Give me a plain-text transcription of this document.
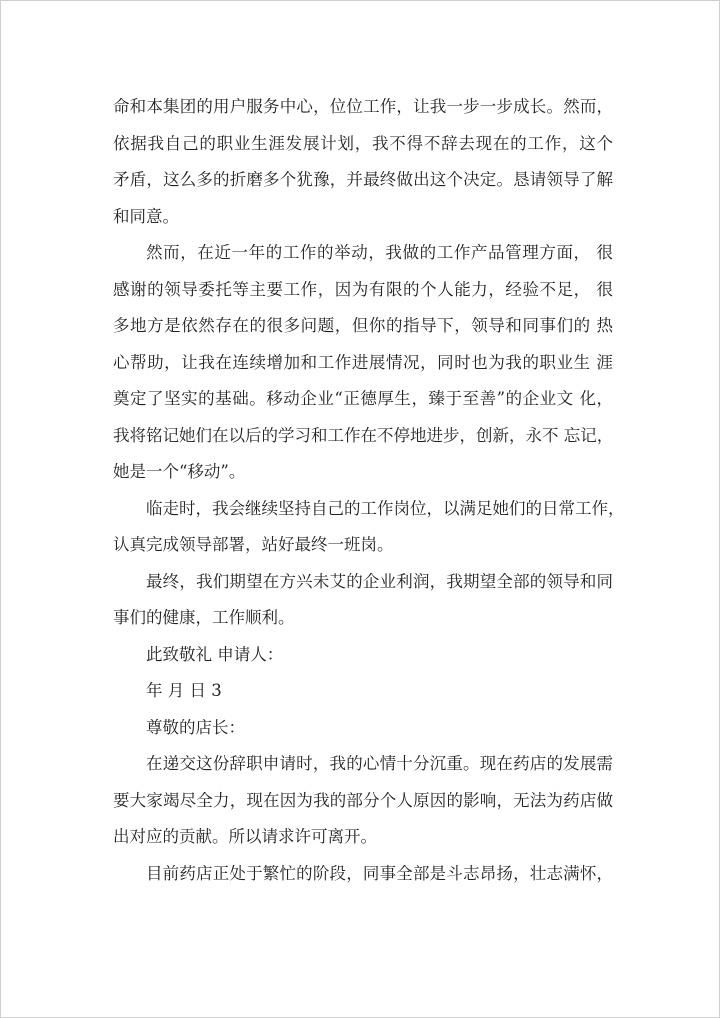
命和本集团的用户服务中心，位位工作，让我一步一步成长。然而，
依据我自己的职业生涯发展计划，我不得不辞去现在的工作，这个
矛盾，这么多的折磨多个犹豫，并最终做出这个决定。恳请领导了解
和同意。
然而，在近一年的工作的举动，我做的工作产品管理方面， 很
感谢的领导委托等主要工作，因为有限的个人能力，经验不足， 很
多地方是依然存在的很多问题，但你的指导下，领导和同事们的 热
心帮助，让我在连续增加和工作进展情况，同时也为我的职业生 涯
奠定了坚实的基础。移动企业“正德厚生，臻于至善”的企业文 化，
我将铭记她们在以后的学习和工作在不停地进步，创新，永不 忘记，
她是一个“移动”。
临走时，我会继续坚持自己的工作岗位，以满足她们的日常工作，
认真完成领导部署，站好最终一班岗。
最终，我们期望在方兴未艾的企业利润，我期望全部的领导和同
事们的健康，工作顺利。
此致敬礼 申请人：
年 月 日 3
尊敬的店长：
在递交这份辞职申请时，我的心情十分沉重。现在药店的发展需
要大家竭尽全力，现在因为我的部分个人原因的影响，无法为药店做
出对应的贡献。所以请求许可离开。
目前药店正处于繁忙的阶段，同事全部是斗志昂扬，壮志满怀，
